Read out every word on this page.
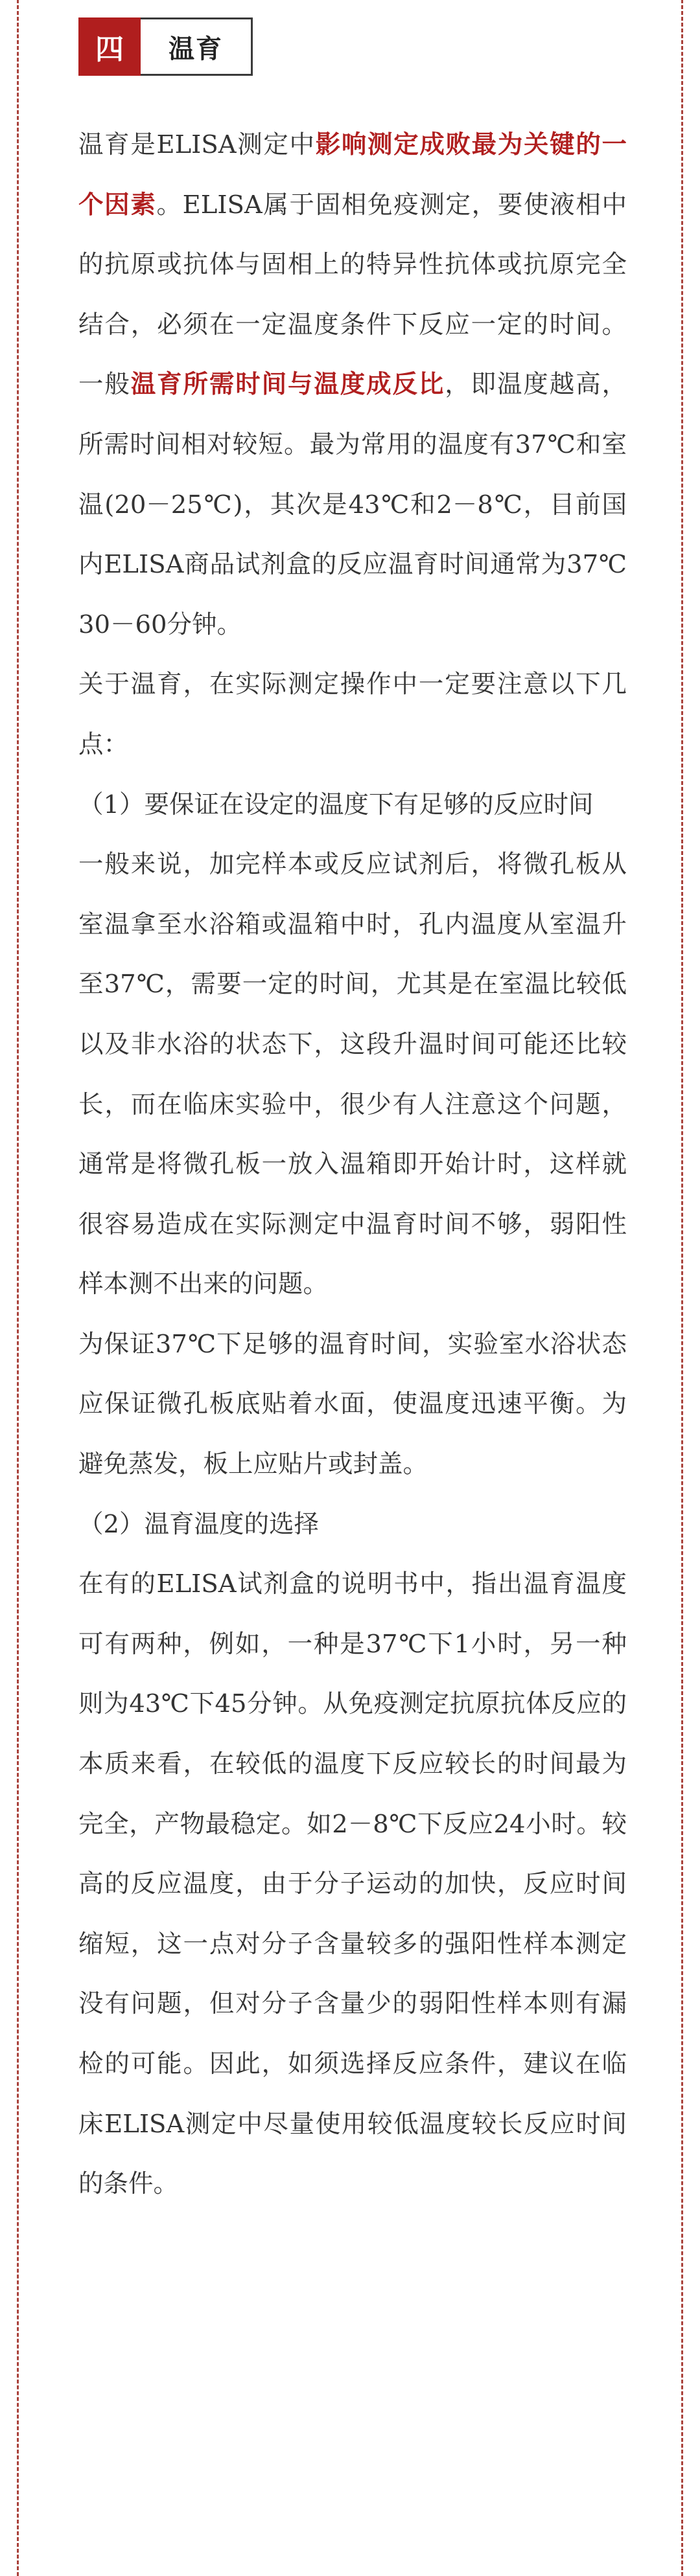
四	温育

温育是ELISA测定中影响测定成败最为关键的一个因素。ELISA属于固相免疫测定，要使液相中的抗原或抗体与固相上的特异性抗体或抗原完全结合，必须在一定温度条件下反应一定的时间。一般温育所需时间与温度成反比，即温度越高，所需时间相对较短。最为常用的温度有37℃和室温(20－25℃)，其次是43℃和2－8℃，目前国内ELISA商品试剂盒的反应温育时间通常为37℃ 30－60分钟。

关于温育，在实际测定操作中一定要注意以下几点：

（1）要保证在设定的温度下有足够的反应时间

一般来说，加完样本或反应试剂后，将微孔板从室温拿至水浴箱或温箱中时，孔内温度从室温升至37℃，需要一定的时间，尤其是在室温比较低以及非水浴的状态下，这段升温时间可能还比较长，而在临床实验中，很少有人注意这个问题，通常是将微孔板一放入温箱即开始计时，这样就很容易造成在实际测定中温育时间不够，弱阳性样本测不出来的问题。

为保证37℃下足够的温育时间，实验室水浴状态应保证微孔板底贴着水面，使温度迅速平衡。为避免蒸发，板上应贴片或封盖。

（2）温育温度的选择

在有的ELISA试剂盒的说明书中，指出温育温度可有两种，例如，一种是37℃下1小时，另一种则为43℃下45分钟。从免疫测定抗原抗体反应的本质来看，在较低的温度下反应较长的时间最为完全，产物最稳定。如2－8℃下反应24小时。较高的反应温度，由于分子运动的加快，反应时间缩短，这一点对分子含量较多的强阳性样本测定没有问题，但对分子含量少的弱阳性样本则有漏检的可能。因此，如须选择反应条件，建议在临床ELISA测定中尽量使用较低温度较长反应时间的条件。
